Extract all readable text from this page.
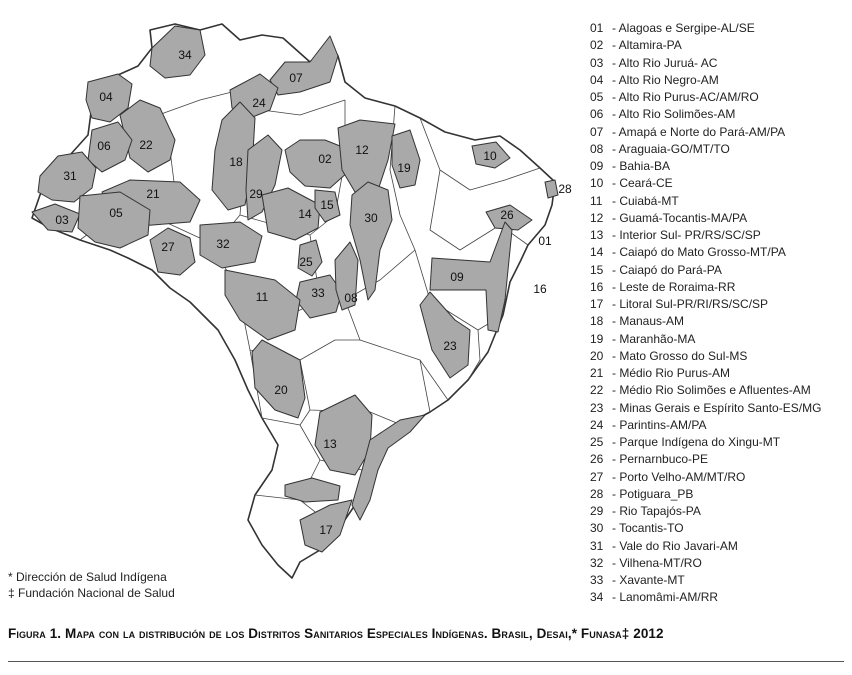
01
02
03
04
05
06
07
08
09
10
11
12
13
14
15
16
17
18	19
20
21
22
23
24
25
26
27
28
29
30
31
32
33
34
01 - Alagoas e Sergipe-AL/SE
02 - Altamira-PA
03 - Alto Rio Juruá- AC
04 - Alto Rio Negro-AM
05 - Alto Rio Purus-AC/AM/RO
06 - Alto Rio Solimões-AM
07 - Amapá e Norte do Pará-AM/PA
08 - Araguaia-GO/MT/TO
09 - Bahia-BA
10 - Ceará-CE
11 - Cuiabá-MT
12 - Guamá-Tocantis-MA/PA
13 - Interior Sul- PR/RS/SC/SP
14 - Caiapó do Mato Grosso-MT/PA
15 - Caiapó do Pará-PA
16 - Leste de Roraima-RR
17 - Litoral Sul-PR/RI/RS/SC/SP
18 - Manaus-AM
19 - Maranhão-MA
20 - Mato Grosso do Sul-MS
21 - Médio Rio Purus-AM
22 - Médio Rio Solimões e Afluentes-AM
23 - Minas Gerais e Espírito Santo-ES/MG
24 - Parintins-AM/PA
25 - Parque Indígena do Xingu-MT
26 - Pernarnbuco-PE
27 - Porto Velho-AM/MT/RO
28 - Potiguara_PB
29 - Rio Tapajós-PA
30 - Tocantis-TO
31 - Vale do Rio Javari-AM
32 - Vilhena-MT/RO
33 - Xavante-MT
34 - Lanomâmi-AM/RR
* Dirección de Salud Indígena
‡ Fundación Nacional de Salud
Figura 1. Mapa con la distribución de los Distritos Sanitarios Especiales Indígenas. Brasil, Desai,* Funasa‡ 2012
